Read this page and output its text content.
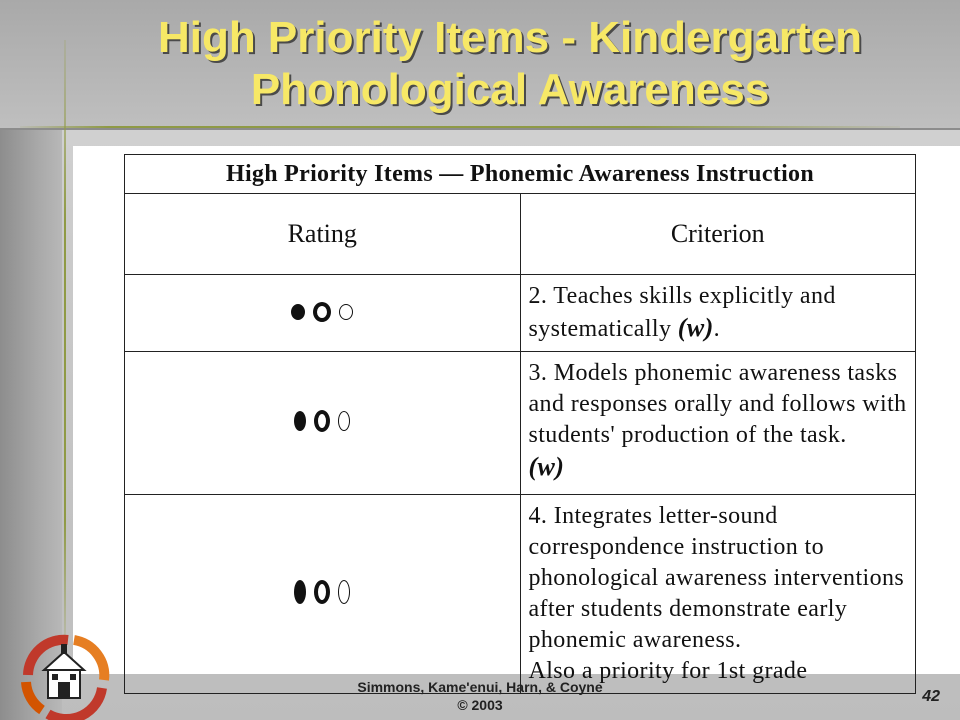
High Priority Items - Kindergarten
Phonological Awareness
High Priority Items — Phonemic Awareness Instruction	
Rating	Criterion

	2. Teaches skills explicitly and systematically (w).

	3. Models phonemic awareness tasks and responses orally and follows with students' production of the task.
(w)

	4. Integrates letter-sound correspondence instruction to phonological awareness interventions after students demonstrate early phonemic awareness.
Also a priority for 1st grade
Simmons, Kame'enui, Harn, & Coyne
© 2003	42
